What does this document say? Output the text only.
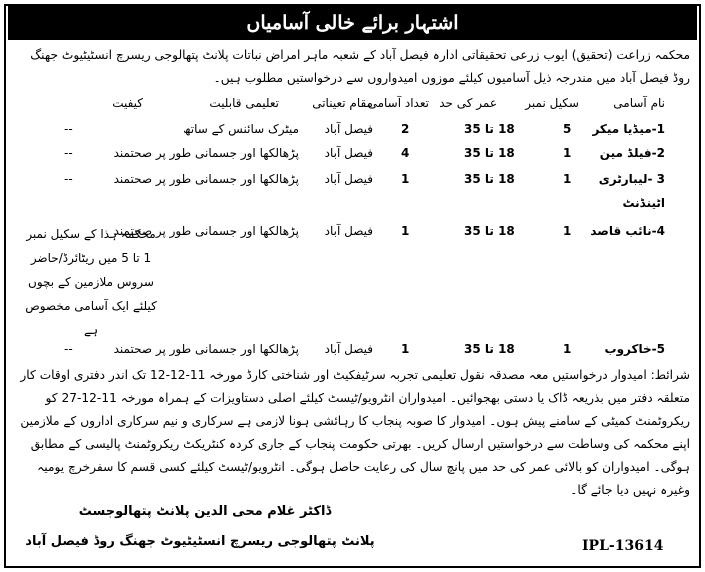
اشتہار برائے خالی آسامیاں

محکمہ زراعت (تحقیق) ایوب زرعی تحقیقاتی ادارہ فیصل آباد کے شعبہ ماہر امراض نباتات پلانٹ پتھالوجی ریسرچ انسٹیٹیوٹ جھنگ روڈ فیصل آباد میں مندرجہ ذیل آسامیوں کیلئے موزوں امیدواروں سے درخواستیں مطلوب ہیں۔

نام آسامی
سکیل نمبر
عمر کی حد
تعداد آسامی
مقام تعیناتی
تعلیمی قابلیت
کیفیت
1-میڈیا میکر
5
18 تا 35
2
فیصل آباد
میٹرک سائنس کے ساتھ
--
2-فیلڈ مین
1
18 تا 35
4
فیصل آباد
پڑھالکھا اور جسمانی طور پر صحتمند
--
3 -لیبارٹری
اٹینڈنٹ
1
18 تا 35
1
فیصل آباد
پڑھالکھا اور جسمانی طور پر صحتمند
--
4-نائب قاصد
1
18 تا 35
1
فیصل آباد
پڑھالکھا اور جسمانی طور پر صحتمند

محکمہ ہذا کے سکیل نمبر 1 تا 5 میں ریٹائرڈ/حاضر سروس ملازمین کے بچوں کیلئے ایک آسامی مخصوص ہے

5-خاکروب
1
18 تا 35
1
فیصل آباد
پڑھالکھا اور جسمانی طور پر صحتمند
--

شرائط: امیدوار درخواستیں معہ مصدقہ نقول تعلیمی تجربہ سرٹیفکیٹ اور شناختی کارڈ مورخہ 11-12-12 تک اندر دفتری اوقات کار متعلقہ دفتر میں بذریعہ ڈاک یا دستی بھجوائیں۔ امیدواران انٹرویو/ٹیسٹ کیلئے اصلی دستاویزات کے ہمراہ مورخہ 11-12-27 کو ریکروٹمنٹ کمیٹی کے سامنے پیش ہوں۔ امیدوار کا صوبہ پنجاب کا رہائشی ہونا لازمی ہے سرکاری و نیم سرکاری اداروں کے ملازمین اپنے محکمہ کی وساطت سے درخواستیں ارسال کریں۔ بھرتی حکومت پنجاب کے جاری کردہ کنٹریکٹ ریکروٹمنٹ پالیسی کے مطابق ہوگی۔ امیدواران کو بالائی عمر کی حد میں پانچ سال کی رعایت حاصل ہوگی۔ انٹرویو/ٹیسٹ کیلئے کسی قسم کا سفرخرچ یومیہ وغیرہ نہیں دیا جائے گا۔

ڈاکٹر غلام محی الدین پلانٹ پتھالوجسٹ

پلانٹ پتھالوجی ریسرچ انسٹیٹیوٹ جھنگ روڈ فیصل آباد	IPL-13614
